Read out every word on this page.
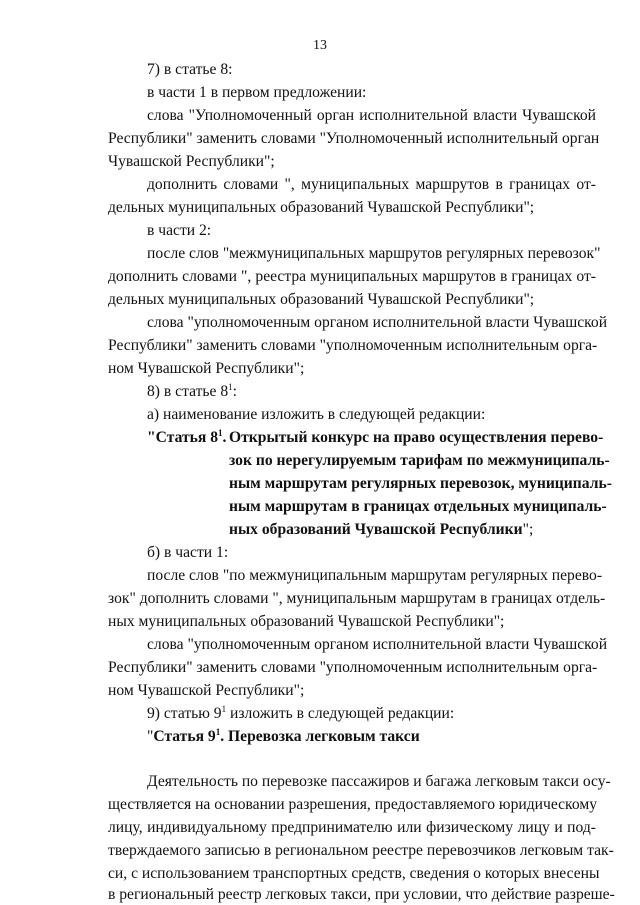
13
7) в статье 8:
в части 1 в первом предложении:
слова "Уполномоченный орган исполнительной власти Чувашской
Республики" заменить словами "Уполномоченный исполнительный орган
Чувашской Республики";
дополнить словами ", муниципальных маршрутов в границах от-
дельных муниципальных образований Чувашской Республики";
в части 2:
после слов "межмуниципальных маршрутов регулярных перевозок"
дополнить словами ", реестра муниципальных маршрутов в границах от-
дельных муниципальных образований Чувашской Республики";
слова "уполномоченным органом исполнительной власти Чувашской
Республики" заменить словами "уполномоченным исполнительным орга-
ном Чувашской Республики";
8) в статье $8^1$:
а) наименование изложить в следующей редакции:
"Статья $8^1$. Открытый конкурс на право осуществления перево-
зок по нерегулируемым тарифам по межмуниципаль-
ным маршрутам регулярных перевозок, муниципаль-
ным маршрутам в границах отдельных муниципаль-
ных образований Чувашской Республики";
б) в части 1:
после слов "по межмуниципальным маршрутам регулярных перево-
зок" дополнить словами ", муниципальным маршрутам в границах отдель-
ных муниципальных образований Чувашской Республики";
слова "уполномоченным органом исполнительной власти Чувашской
Республики" заменить словами "уполномоченным исполнительным орга-
ном Чувашской Республики";
9) статью $9^1$ изложить в следующей редакции:
"Статья $9^1$. Перевозка легковым такси
Деятельность по перевозке пассажиров и багажа легковым такси осу-
ществляется на основании разрешения, предоставляемого юридическому
лицу, индивидуальному предпринимателю или физическому лицу и под-
тверждаемого записью в региональном реестре перевозчиков легковым так-
си, с использованием транспортных средств, сведения о которых внесены
в региональный реестр легковых такси, при условии, что действие разреше-
